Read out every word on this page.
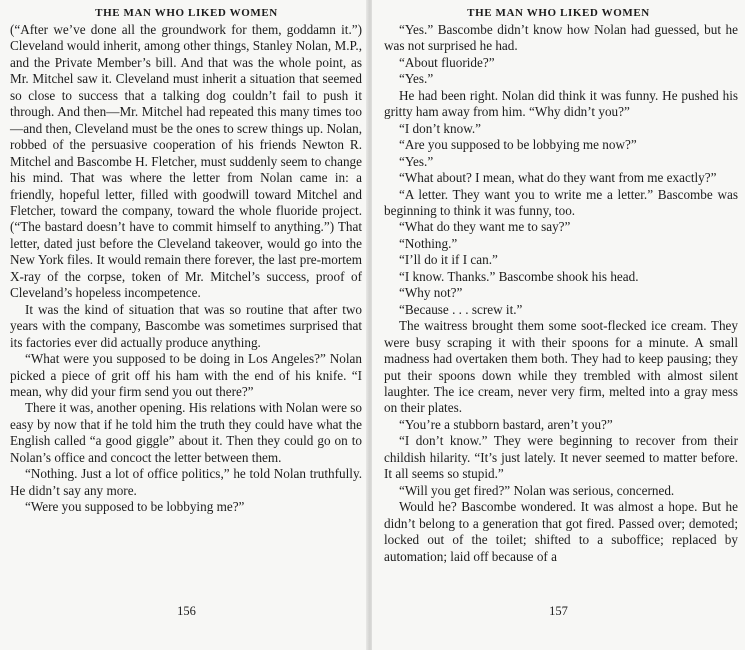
THE MAN WHO LIKED WOMEN

(“After we’ve done all the groundwork for them, goddamn it.”) Cleveland would inherit, among other things, Stanley Nolan, M.P., and the Private Member’s bill. And that was the whole point, as Mr. Mitchel saw it. Cleveland must inherit a situation that seemed so close to success that a talking dog couldn’t fail to push it through. And then—Mr. Mitchel had repeated this many times too—and then, Cleveland must be the ones to screw things up. Nolan, robbed of the persuasive cooperation of his friends Newton R. Mitchel and Bascombe H. Fletcher, must suddenly seem to change his mind. That was where the letter from Nolan came in: a friendly, hopeful letter, filled with goodwill toward Mitchel and Fletcher, toward the company, toward the whole fluoride project. (“The bastard doesn’t have to commit himself to anything.”) That letter, dated just before the Cleveland takeover, would go into the New York files. It would remain there forever, the last pre-mortem X-ray of the corpse, token of Mr. Mitchel’s success, proof of Cleveland’s hopeless incompetence.

It was the kind of situation that was so routine that after two years with the company, Bascombe was sometimes surprised that its factories ever did actually produce anything.

“What were you supposed to be doing in Los Angeles?” Nolan picked a piece of grit off his ham with the end of his knife. “I mean, why did your firm send you out there?”

There it was, another opening. His relations with Nolan were so easy by now that if he told him the truth they could have what the English called “a good giggle” about it. Then they could go on to Nolan’s office and concoct the letter between them.

“Nothing. Just a lot of office politics,” he told Nolan truthfully. He didn’t say any more.

“Were you supposed to be lobbying me?”

156
THE MAN WHO LIKED WOMEN

“Yes.” Bascombe didn’t know how Nolan had guessed, but he was not surprised he had.

“About fluoride?”

“Yes.”

He had been right. Nolan did think it was funny. He pushed his gritty ham away from him. “Why didn’t you?”

“I don’t know.”

“Are you supposed to be lobbying me now?”

“Yes.”

“What about? I mean, what do they want from me exactly?”

“A letter. They want you to write me a letter.” Bascombe was beginning to think it was funny, too.

“What do they want me to say?”

“Nothing.”

“I’ll do it if I can.”

“I know. Thanks.” Bascombe shook his head.

“Why not?”

“Because . . . screw it.”

The waitress brought them some soot-flecked ice cream. They were busy scraping it with their spoons for a minute. A small madness had overtaken them both. They had to keep pausing; they put their spoons down while they trembled with almost silent laughter. The ice cream, never very firm, melted into a gray mess on their plates.

“You’re a stubborn bastard, aren’t you?”

“I don’t know.” They were beginning to recover from their childish hilarity. “It’s just lately. It never seemed to matter before. It all seems so stupid.”

“Will you get fired?” Nolan was serious, concerned.

Would he? Bascombe wondered. It was almost a hope. But he didn’t belong to a generation that got fired. Passed over; demoted; locked out of the toilet; shifted to a suboffice; replaced by automation; laid off because of a

157
